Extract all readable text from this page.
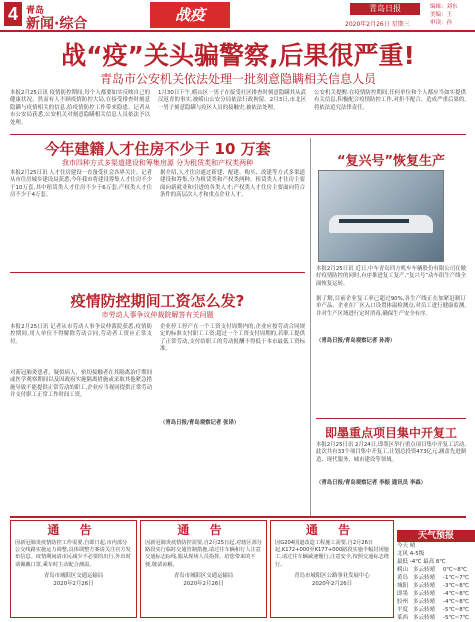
4 青岛
新闻·综合	战疫	青岛日报
2020年2月26日 星期三
编辑：刘东
美编：王
审读：孙
战“疫”关头骗警察,后果很严重!
青岛市公安机关依法处理一批刻意隐瞒相关信息人员
本报2月25日讯 疫情防控期间,每个人都要如实反映自己的健康状况。然而有人不顾疫情防控大局,在接受排查时刻意隐瞒与疫情相关的信息,给疫情防控工作带来隐患。记者从市公安局获悉,公安机关对刻意隐瞒相关信息人员依法予以处理。
1月30日下午,崂山区一男子在接受社区排查时刻意隐瞒其从武汉返青的事实,被崂山公安分局依法行政拘留。2月3日,市北区一男子刻意隐瞒与疫区人员的接触史,被依法处理。
公安机关提醒:在疫情防控期间,任何单位和个人都应当如实提供有关信息,积极配合疫情防控工作,对拒不配合、造成严重后果的,将依法追究法律责任。
今年建籍人才住房不少于 10 万套
我市四种方式多渠道建设和筹集房源 分为租赁类和产权类两种
本报2月25日讯 人才住房建设一直备受社会各界关注。记者从市住房城乡建设局获悉,今年我市将建设筹集人才住房不少于10万套,其中租赁类人才住房不少于6万套,产权类人才住房不少于4万套。
据介绍,人才住房通过新建、配建、购买、改建等方式多渠道建设和筹集,分为租赁类和产权类两种。租赁类人才住房主要面向新就业和引进的各类人才;产权类人才住房主要面向符合条件的高层次人才和重点企业人才。
“复兴号”恢复生产
本报2月25日讯 近日,中车青岛四方机车车辆股份有限公司在做好疫情防控的同时,有序推进复工复产,“复兴号”动车组生产线全面恢复运转。
据了解,目前企业复工率已超过90%,各生产线正在加紧赶制订单产品。企业在厂区入口设置体温检测点,对员工进行健康监测,并对生产区域进行定时消毒,确保生产安全有序。
（青岛日报/青岛观察记者 孙涛）
疫情防控期间工资怎么发?
市劳动人事争议仲裁院解答有关问题
本报2月25日讯 记者从市劳动人事争议仲裁院获悉,疫情防控期间,用人单位不得解除劳动合同,劳动者工资应正常支付。
对新冠肺炎患者、疑似病人、密切接触者在其隔离治疗期间或医学观察期间以及因政府实施隔离措施或采取其他紧急措施导致不能提供正常劳动的职工,企业应当视同提供正常劳动并支付职工正常工作时间工资。
企业停工停产在一个工资支付周期内的,企业应按劳动合同规定的标准支付职工工资;超过一个工资支付周期的,若职工提供了正常劳动,支付给职工的劳动报酬不得低于本市最低工资标准。
（青岛日报/青岛观察记者 张译）
即墨重点项目集中开复工
本报2月25日讯 2月24日,即墨区举行重点项目集中开复工活动,此次共有33个项目集中开复工,计划总投资473亿元,涵盖先进制造、现代服务、城市建设等领域。
（青岛日报/青岛观察记者 李振 通讯员 李森）
通 告
因新冠肺炎疫情防控工作需要,自即日起,市内部分公交线路实施运力调整,具体调整方案请关注官方发布信息。疫情期间请市民减少不必要的出行,外出时请佩戴口罩,乘车时主动配合测温。
青岛市城阳区交通运输局
2020年2月26日
通 告
因新冠肺炎疫情防控需要,自2月25日起,对辖区部分路段实行临时交通管制措施,请过往车辆和行人注意交通标志标线,服从现场人员指挥。给您带来的不便,敬请谅解。
青岛市城阳区交通运输局
2020年2月26日
通 告
因G204国道改造工程施工需要,自2月26日起,K172+000至K177+000路段实施半幅封闭施工,请过往车辆减速慢行,注意安全,按照交通标志绕行。
青岛市城阳区公路事业发展中心
2020年2月26日
天气预报
今天 晴
北风 4-5级
最低 -4℃ 最高 8℃
崂山 多云转晴	0℃~8℃
黄岛 多云转晴	-1℃~7℃
城阳 多云转晴	-3℃~8℃
即墨 多云转晴	-4℃~8℃
胶州 多云转晴	-4℃~8℃
平度 多云转晴	-5℃~8℃
莱西 多云转晴	-5℃~7℃
